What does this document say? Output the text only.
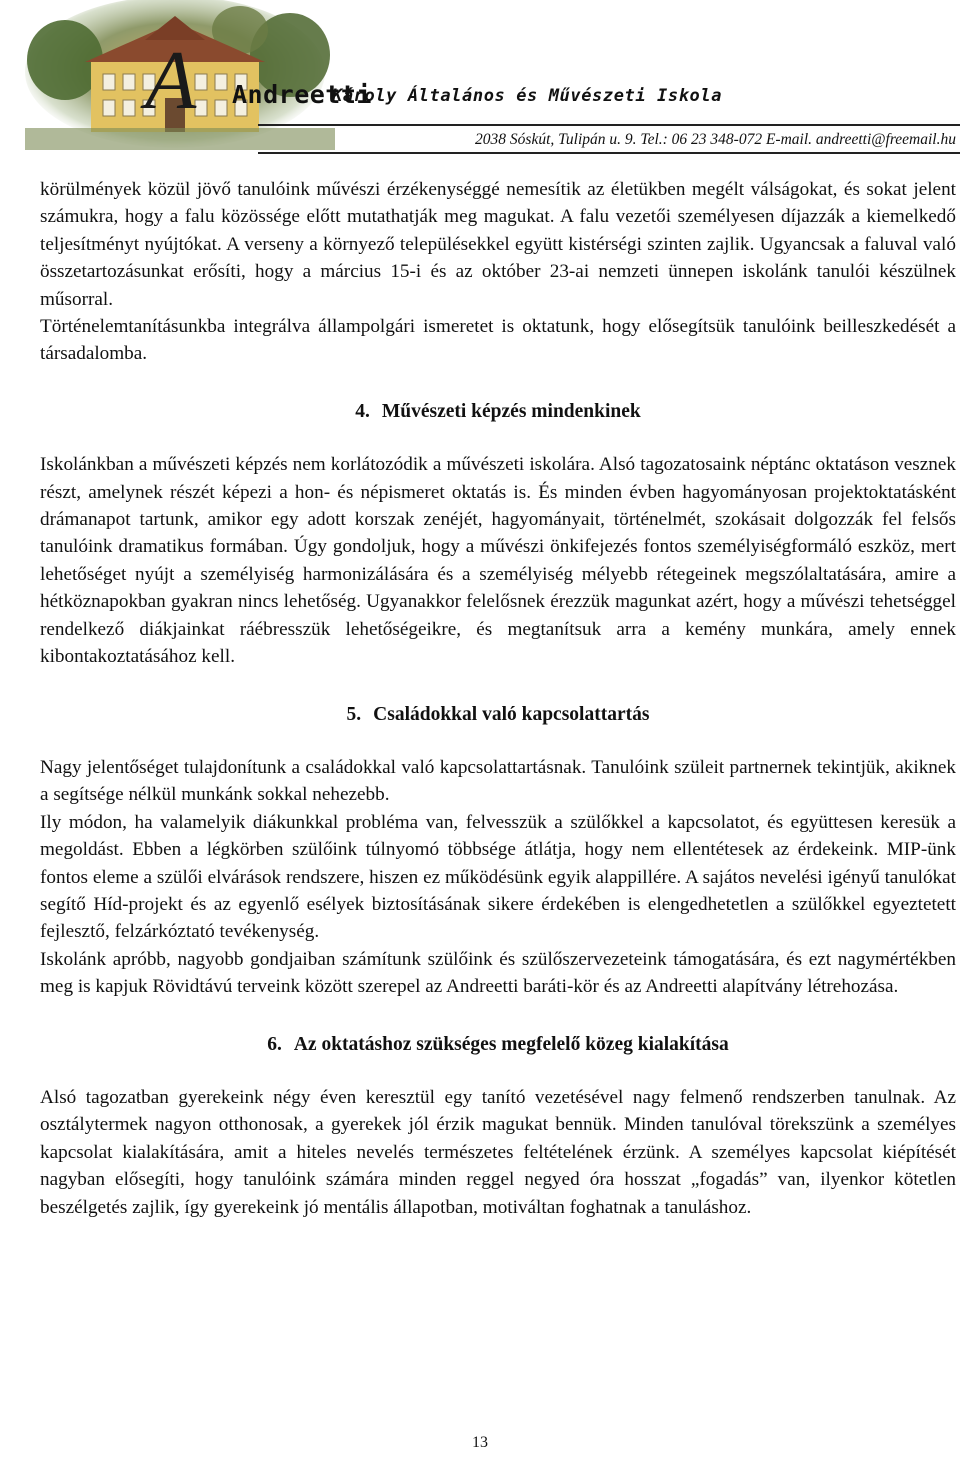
A Andreetti
Károly Általános és Művészeti Iskola
2038 Sóskút, Tulipán u. 9. Tel.: 06 23 348-072 E-mail. andreetti@freemail.hu

körülmények közül jövő tanulóink művészi érzékenységgé nemesítik az életükben megélt válságokat, és sokat jelent számukra, hogy a falu közössége előtt mutathatják meg magukat. A falu vezetői személyesen díjazzák a kiemelkedő teljesítményt nyújtókat. A verseny a környező településekkel együtt kistérségi szinten zajlik. Ugyancsak a faluval való összetartozásunkat erősíti, hogy a március 15-i és az október 23-ai nemzeti ünnepen iskolánk tanulói készülnek műsorral.

Történelemtanításunkba integrálva állampolgári ismeretet is oktatunk, hogy elősegítsük tanulóink beilleszkedését a társadalomba.

4. Művészeti képzés mindenkinek

Iskolánkban a művészeti képzés nem korlátozódik a művészeti iskolára. Alsó tagozatosaink néptánc oktatáson vesznek részt, amelynek részét képezi a hon- és népismeret oktatás is. És minden évben hagyományosan projektoktatásként drámanapot tartunk, amikor egy adott korszak zenéjét, hagyományait, történelmét, szokásait dolgozzák fel felsős tanulóink dramatikus formában. Úgy gondoljuk, hogy a művészi önkifejezés fontos személyiségformáló eszköz, mert lehetőséget nyújt a személyiség harmonizálására és a személyiség mélyebb rétegeinek megszólaltatására, amire a hétköznapokban gyakran nincs lehetőség. Ugyanakkor felelősnek érezzük magunkat azért, hogy a művészi tehetséggel rendelkező diákjainkat ráébresszük lehetőségeikre, és megtanítsuk arra a kemény munkára, amely ennek kibontakoztatásához kell.

5. Családokkal való kapcsolattartás

Nagy jelentőséget tulajdonítunk a családokkal való kapcsolattartásnak. Tanulóink szüleit partnernek tekintjük, akiknek a segítsége nélkül munkánk sokkal nehezebb.

Ily módon, ha valamelyik diákunkkal probléma van, felvesszük a szülőkkel a kapcsolatot, és együttesen keresük a megoldást. Ebben a légkörben szülőink túlnyomó többsége átlátja, hogy nem ellentétesek az érdekeink. MIP-ünk fontos eleme a szülői elvárások rendszere, hiszen ez működésünk egyik alappillére. A sajátos nevelési igényű tanulókat segítő Híd-projekt és az egyenlő esélyek biztosításának sikere érdekében is elengedhetetlen a szülőkkel egyeztetett fejlesztő, felzárkóztató tevékenység.

Iskolánk apróbb, nagyobb gondjaiban számítunk szülőink és szülőszervezeteink támogatására, és ezt nagymértékben meg is kapjuk Rövidtávú terveink között szerepel az Andreetti baráti-kör és az Andreetti alapítvány létrehozása.

6. Az oktatáshoz szükséges megfelelő közeg kialakítása

Alsó tagozatban gyerekeink négy éven keresztül egy tanító vezetésével nagy felmenő rendszerben tanulnak. Az osztálytermek nagyon otthonosak, a gyerekek jól érzik magukat bennük. Minden tanulóval törekszünk a személyes kapcsolat kialakítására, amit a hiteles nevelés természetes feltételének érzünk. A személyes kapcsolat kiépítését nagyban elősegíti, hogy tanulóink számára minden reggel negyed óra hosszat „fogadás” van, ilyenkor kötetlen beszélgetés zajlik, így gyerekeink jó mentális állapotban, motiváltan foghatnak a tanuláshoz.

13
